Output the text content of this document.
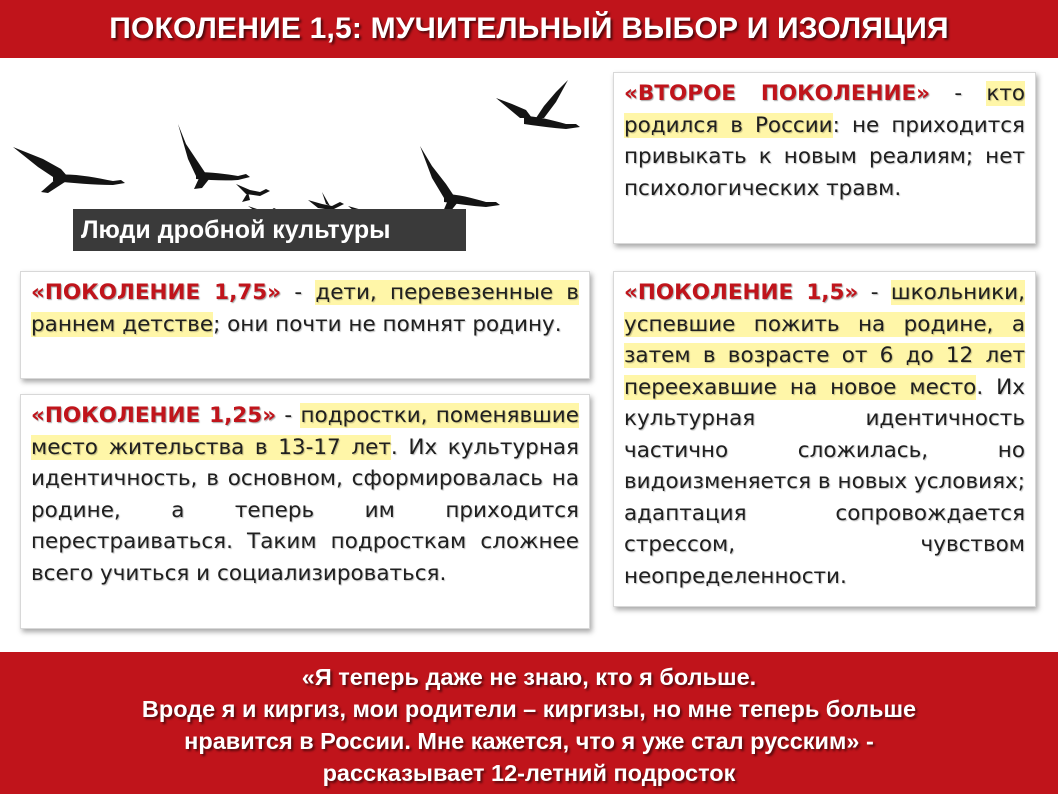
ПОКОЛЕНИЕ 1,5: МУЧИТЕЛЬНЫЙ ВЫБОР И ИЗОЛЯЦИЯ
Люди дробной культуры
«ВТОРОЕ ПОКОЛЕНИЕ» - кто родился в России: не приходится привыкать к новым реалиям; нет психологических травм.
«ПОКОЛЕНИЕ 1,75» - дети, перевезенные в раннем детстве; они почти не помнят родину.
«ПОКОЛЕНИЕ 1,25» - подростки, поменявшие место жительства в 13-17 лет. Их культурная идентичность, в основном, сформировалась на родине, а теперь им приходится перестраиваться. Таким подросткам сложнее всего учиться и социализироваться.
«ПОКОЛЕНИЕ 1,5» - школьники, успевшие пожить на родине, а затем в возрасте от 6 до 12 лет переехавшие на новое место. Их культурная идентичность частично сложилась, но видоизменяется в новых условиях; адаптация сопровождается стрессом, чувством неопределенности.
«Я теперь даже не знаю, кто я больше.
Вроде я и киргиз, мои родители – киргизы, но мне теперь больше
нравится в России. Мне кажется, что я уже стал русским» -
рассказывает 12-летний подросток
